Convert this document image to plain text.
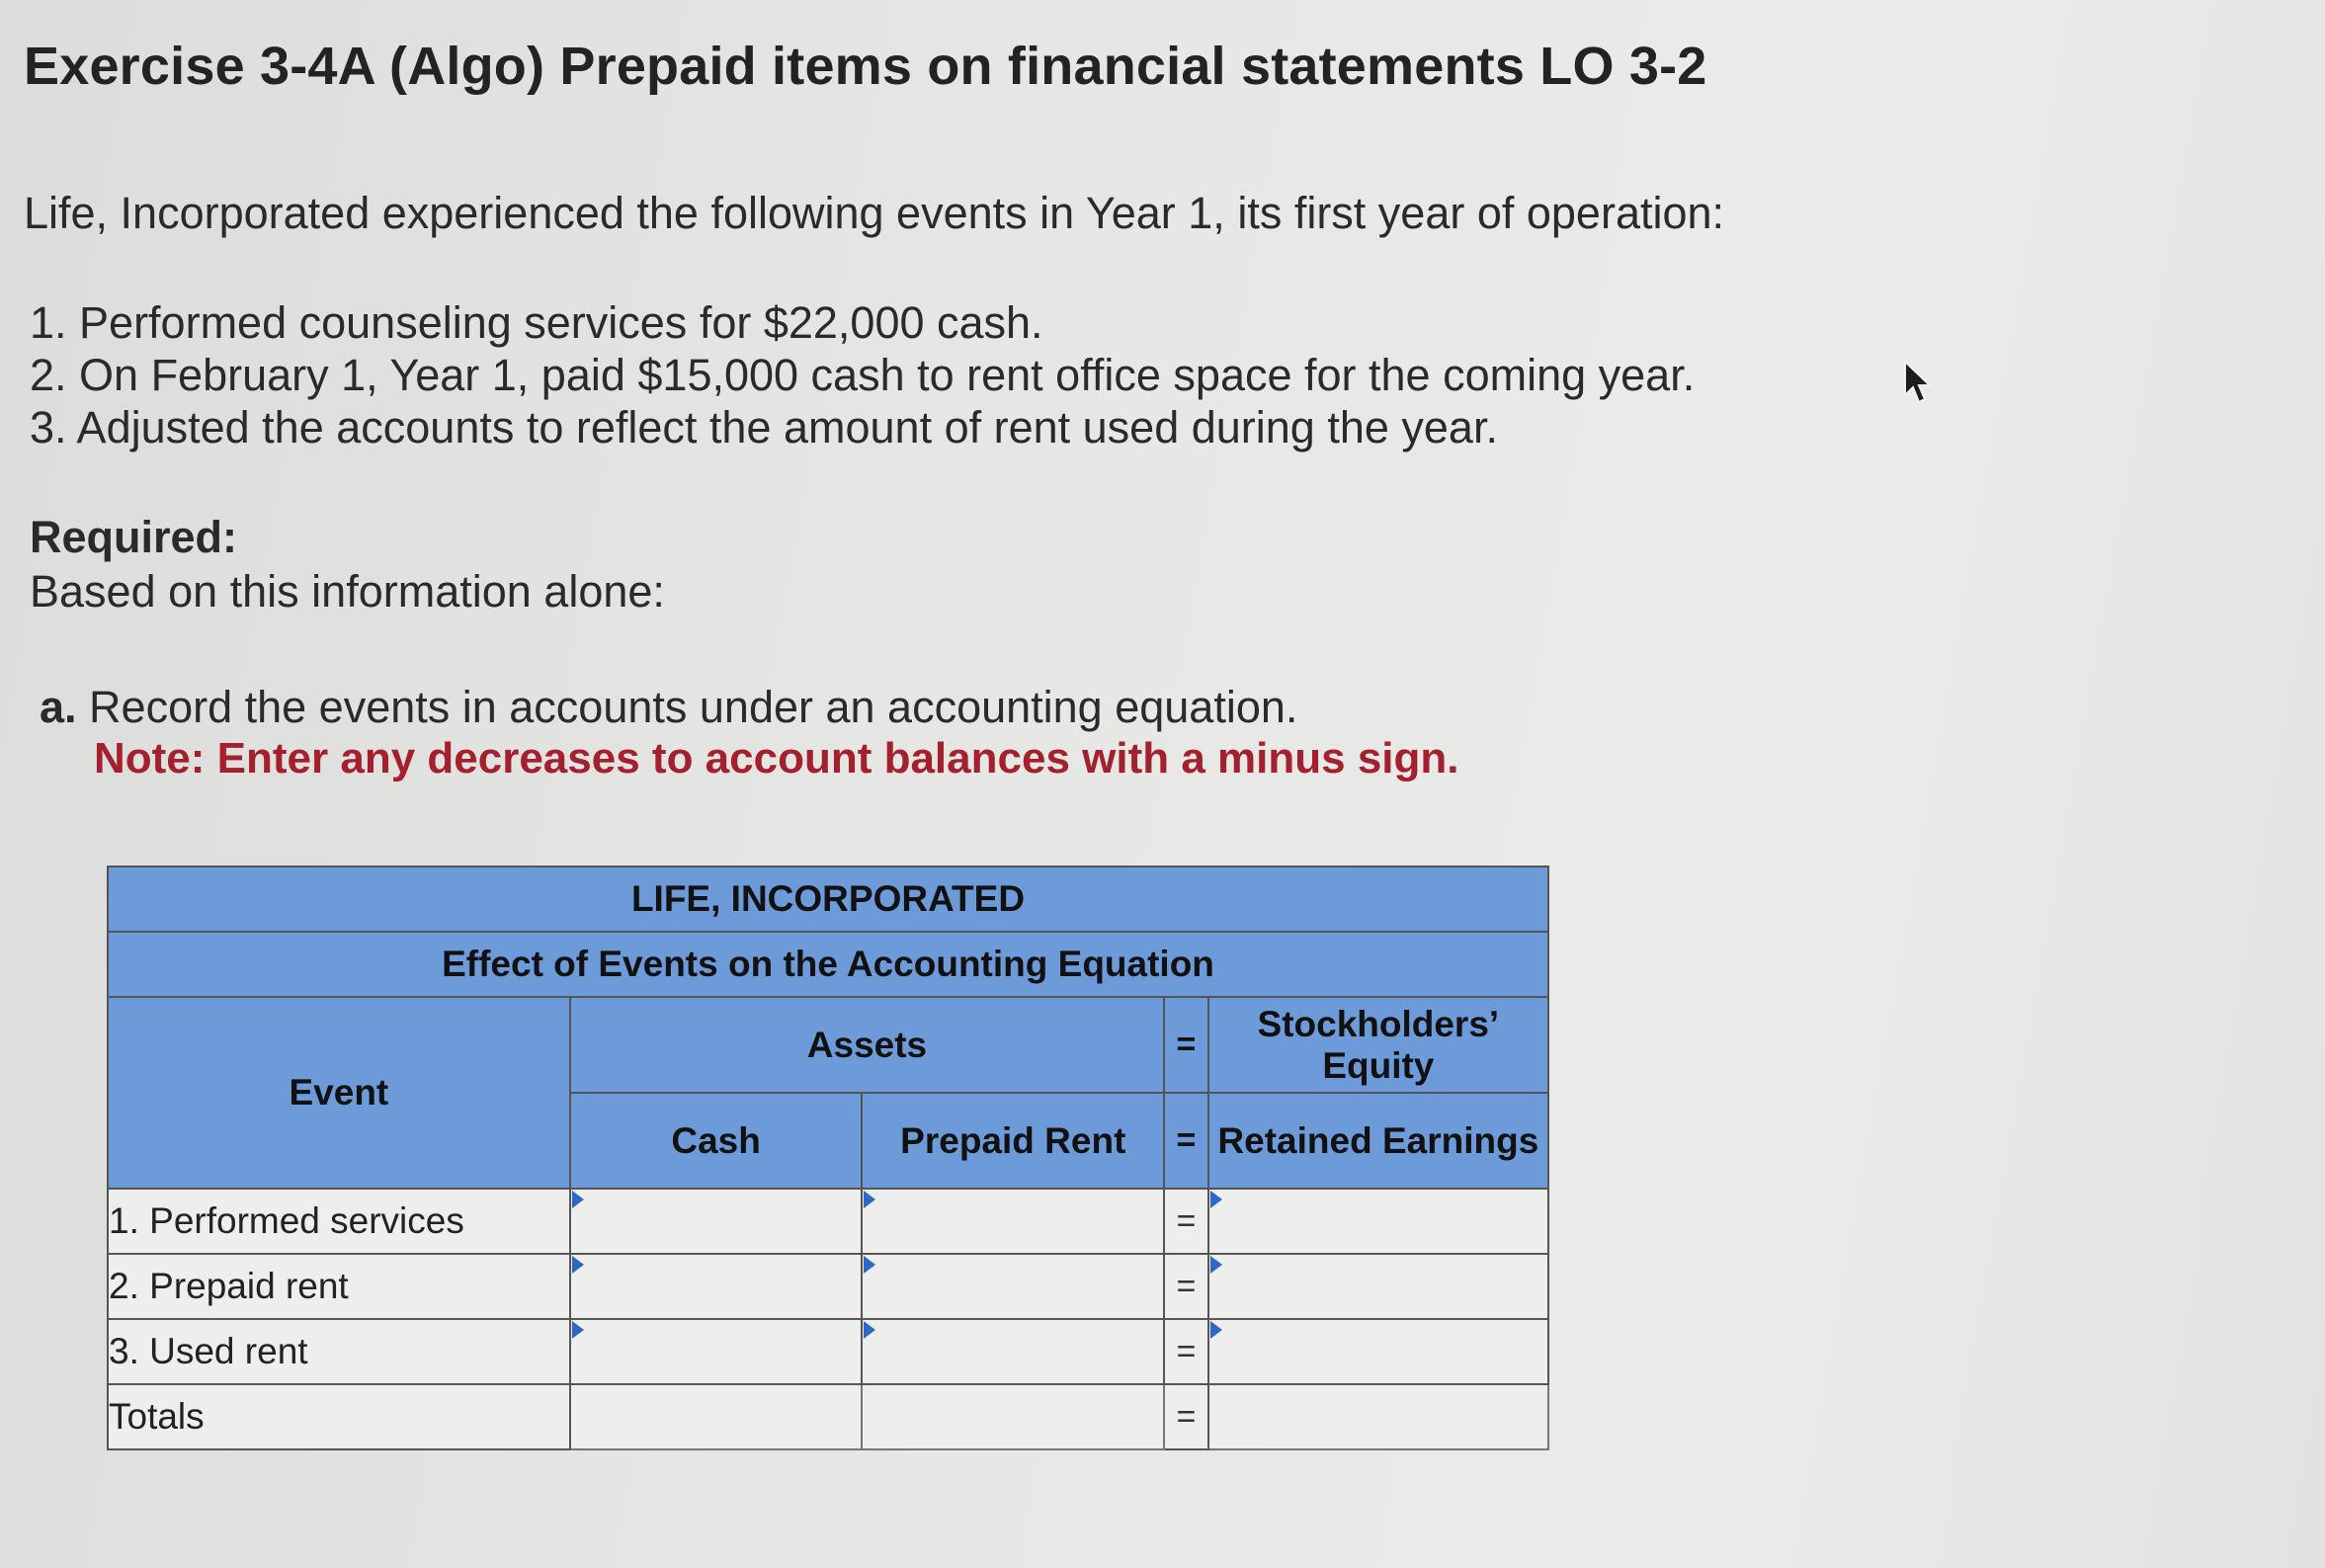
Exercise 3-4A (Algo) Prepaid items on financial statements LO 3-2

Life, Incorporated experienced the following events in Year 1, its first year of operation:

1. Performed counseling services for $22,000 cash.
2. On February 1, Year 1, paid $15,000 cash to rent office space for the coming year.
3. Adjusted the accounts to reflect the amount of rent used during the year.

Required:

Based on this information alone:

a. Record the events in accounts under an accounting equation.

Note: Enter any decreases to account balances with a minus sign.

LIFE, INCORPORATED				
Effect of Events on the Accounting Equation				
Event	Assets		=	Stockholders’ Equity
	Cash	Prepaid Rent	=	Retained Earnings
1. Performed services			=	

2. Prepaid rent			=	

3. Used rent			=	

Totals			=	
